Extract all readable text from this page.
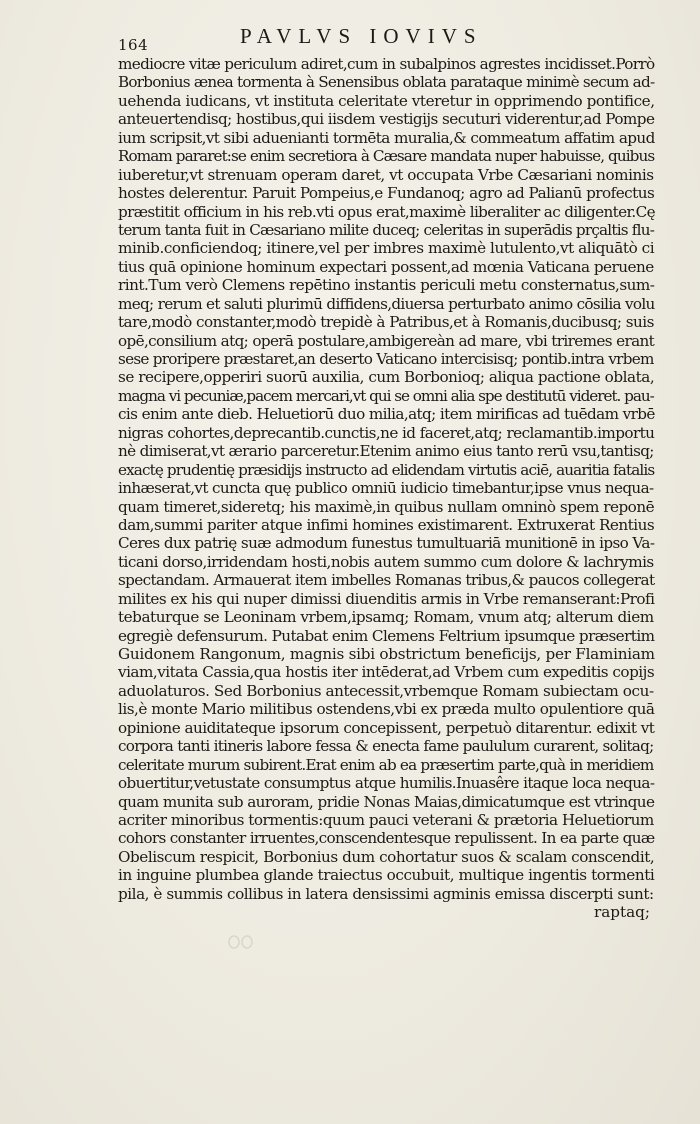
164	PAVLVS IOVIVS
mediocre vitæ periculum adiret,cum in subalpinos agrestes incidisset.Porrò
Borbonius ænea tormenta à Senensibus oblata parataque minimè secum ad-
uehenda iudicans, vt instituta celeritate vteretur in opprimendo pontifice,
anteuertendisq; hostibus,qui iisdem vestigijs secuturi viderentur,ad Pompe
ium scripsit,vt sibi aduenianti tormēta muralia,& commeatum affatim apud
Romam pararet:se enim secretiora à Cæsare mandata nuper habuisse, quibus
iuberetur,vt strenuam operam daret, vt occupata Vrbe Cæsariani nominis
hostes delerentur. Paruit Pompeius,e Fundanoq; agro ad Palianū profectus
præstitit officium in his reb.vti opus erat,maximè liberaliter ac diligenter.Cę
terum tanta fuit in Cæsariano milite duceq; celeritas in superādis prçaltis flu-
minib.conficiendoq; itinere,vel per imbres maximè lutulento,vt aliquātò ci
tius quā opinione hominum expectari possent,ad mœnia Vaticana peruene
rint.Tum verò Clemens repētino instantis periculi metu consternatus,sum-
meq; rerum et saluti plurimū diffidens,diuersa perturbato animo cōsilia volu
tare,modò constanter,modò trepidè à Patribus,et à Romanis,ducibusq; suis
opē,consilium atq; operā postulare,ambigereàn ad mare, vbi triremes erant
sese proripere præstaret,an deserto Vaticano intercisisq; pontib.intra vrbem
se recipere,opperiri suorū auxilia, cum Borbonioq; aliqua pactione oblata,
magna vi pecuniæ,pacem mercari,vt qui se omni alia spe destitutū videret. pau-
cis enim ante dieb. Heluetiorū duo milia,atq; item mirificas ad tuēdam vrbē
nigras cohortes,deprecantib.cunctis,ne id faceret,atq; reclamantib.importu
nè dimiserat,vt ærario parceretur.Etenim animo eius tanto rerū vsu,tantisq;
exactę prudentię præsidijs instructo ad elidendam virtutis aciē, auaritia fatalis
inhæserat,vt cuncta quę publico omniū iudicio timebantur,ipse vnus nequa-
quam timeret,sideretq; his maximè,in quibus nullam omninò spem reponē
dam,summi pariter atque infimi homines existimarent. Extruxerat Rentius
Ceres dux patrię suæ admodum funestus tumultuariā munitionē in ipso Va-
ticani dorso,irridendam hosti,nobis autem summo cum dolore & lachrymis
spectandam. Armauerat item imbelles Romanas tribus,& paucos collegerat
milites ex his qui nuper dimissi diuenditis armis in Vrbe remanserant:Profi
tebaturque se Leoninam vrbem,ipsamq; Romam, vnum atq; alterum diem
egregiè defensurum. Putabat enim Clemens Feltrium ipsumque præsertim
Guidonem Rangonum, magnis sibi obstrictum beneficijs, per Flaminiam
viam,vitata Cassia,qua hostis iter intēderat,ad Vrbem cum expeditis copijs
aduolaturos. Sed Borbonius antecessit,vrbemque Romam subiectam ocu-
lis,è monte Mario militibus ostendens,vbi ex præda multo opulentiore quā
opinione auiditateque ipsorum concepissent, perpetuò ditarentur. edixit vt
corpora tanti itineris labore fessa & enecta fame paululum curarent, solitaq;
celeritate murum subirent.Erat enim ab ea præsertim parte,quà in meridiem
obuertitur,vetustate consumptus atque humilis.Inuasêre itaque loca nequa-
quam munita sub auroram, pridie Nonas Maias,dimicatumque est vtrinque
acriter minoribus tormentis:quum pauci veterani & prætoria Heluetiorum
cohors constanter irruentes,conscendentesque repulissent. In ea parte quæ
Obeliscum respicit, Borbonius dum cohortatur suos & scalam conscendit,
in inguine plumbea glande traiectus occubuit, multique ingentis tormenti
pila, è summis collibus in latera densissimi agminis emissa discerpti sunt:
raptaq;
